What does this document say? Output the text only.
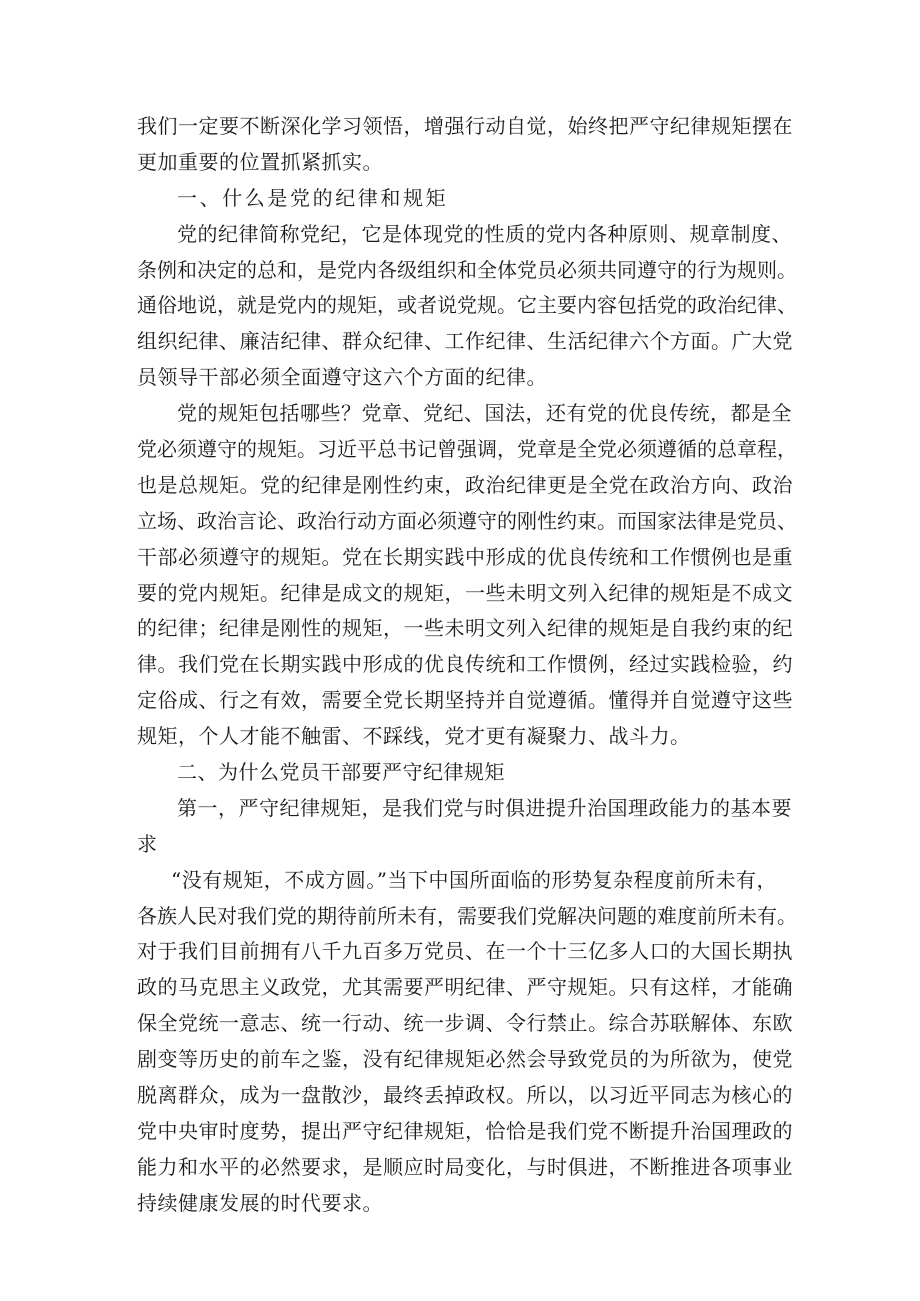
我们一定要不断深化学习领悟，增强行动自觉，始终把严守纪律规矩摆在
更加重要的位置抓紧抓实。
一、什么是党的纪律和规矩
党的纪律简称党纪，它是体现党的性质的党内各种原则、规章制度、
条例和决定的总和，是党内各级组织和全体党员必须共同遵守的行为规则。
通俗地说，就是党内的规矩，或者说党规。它主要内容包括党的政治纪律、
组织纪律、廉洁纪律、群众纪律、工作纪律、生活纪律六个方面。广大党
员领导干部必须全面遵守这六个方面的纪律。
党的规矩包括哪些？党章、党纪、国法，还有党的优良传统，都是全
党必须遵守的规矩。习近平总书记曾强调，党章是全党必须遵循的总章程，
也是总规矩。党的纪律是刚性约束，政治纪律更是全党在政治方向、政治
立场、政治言论、政治行动方面必须遵守的刚性约束。而国家法律是党员、
干部必须遵守的规矩。党在长期实践中形成的优良传统和工作惯例也是重
要的党内规矩。纪律是成文的规矩，一些未明文列入纪律的规矩是不成文
的纪律；纪律是刚性的规矩，一些未明文列入纪律的规矩是自我约束的纪
律。我们党在长期实践中形成的优良传统和工作惯例，经过实践检验，约
定俗成、行之有效，需要全党长期坚持并自觉遵循。懂得并自觉遵守这些
规矩，个人才能不触雷、不踩线，党才更有凝聚力、战斗力。
二、为什么党员干部要严守纪律规矩
第一，严守纪律规矩，是我们党与时俱进提升治国理政能力的基本要
求
“没有规矩，不成方圆。”当下中国所面临的形势复杂程度前所未有，
各族人民对我们党的期待前所未有，需要我们党解决问题的难度前所未有。
对于我们目前拥有八千九百多万党员、在一个十三亿多人口的大国长期执
政的马克思主义政党，尤其需要严明纪律、严守规矩。只有这样，才能确
保全党统一意志、统一行动、统一步调、令行禁止。综合苏联解体、东欧
剧变等历史的前车之鉴，没有纪律规矩必然会导致党员的为所欲为，使党
脱离群众，成为一盘散沙，最终丢掉政权。所以，以习近平同志为核心的
党中央审时度势，提出严守纪律规矩，恰恰是我们党不断提升治国理政的
能力和水平的必然要求，是顺应时局变化，与时俱进，不断推进各项事业
持续健康发展的时代要求。
